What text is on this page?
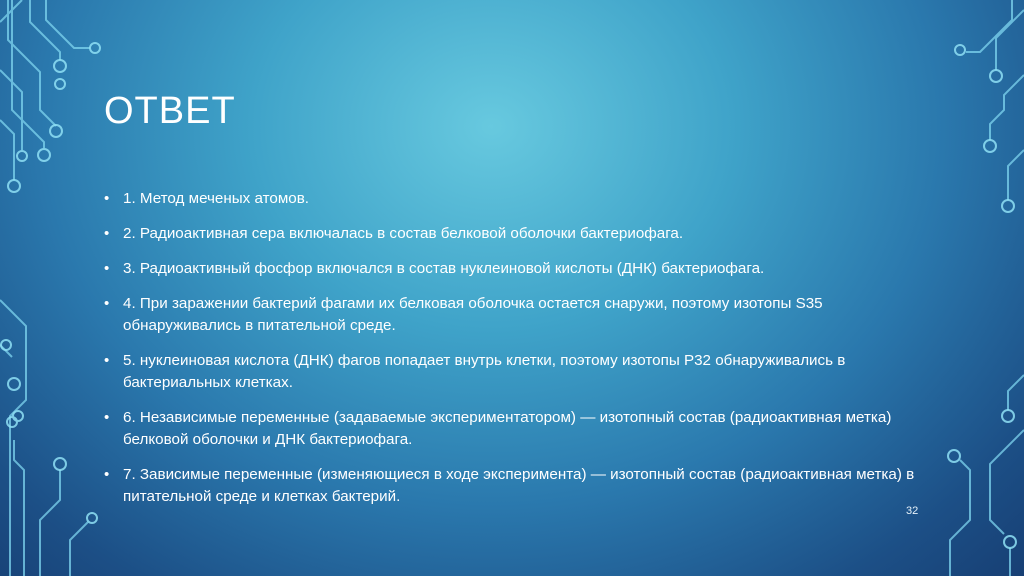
ОТВЕТ
• 1. Метод меченых атомов.
• 2. Радиоактивная сера включалась в состав белковой оболочки бактериофага.
• 3. Радиоактивный фосфор включался в состав нуклеиновой кислоты (ДНК) бактериофага.
• 4. При заражении бактерий фагами их белковая оболочка остается снаружи, поэтому изотопы S35 обнаруживались в питательной среде.
• 5. нуклеиновая кислота (ДНК) фагов попадает внутрь клетки, поэтому изотопы P32 обнаруживались в бактериальных клетках.
• 6. Независимые переменные (задаваемые экспериментатором) — изотопный состав (радиоактивная метка) белковой оболочки и ДНК бактериофага.
• 7. Зависимые переменные (изменяющиеся в ходе эксперимента) — изотопный состав (радиоактивная метка) в питательной среде и клетках бактерий.
32
